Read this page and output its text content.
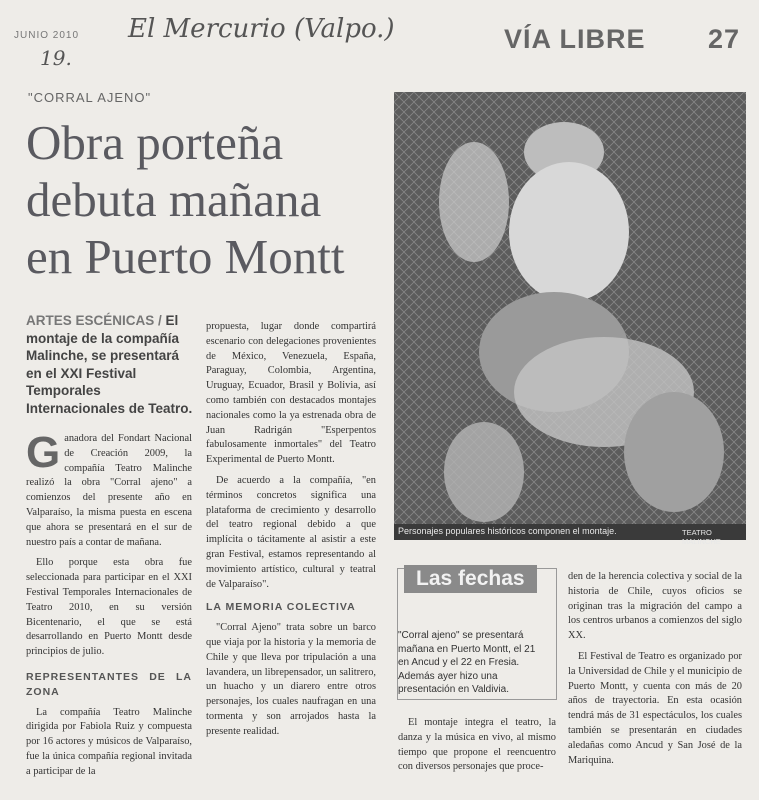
JUNIO 2010 El Mercurio (Valpo.)
19.
VÍA LIBRE 27
"CORRAL AJENO"
Obra porteña
debuta mañana
en Puerto Montt
ARTES ESCÉNICAS / El montaje de la compañía Malinche, se presentará en el XXI Festival Temporales Internacionales de Teatro.

Ganadora del Fondart Nacional de Creación 2009, la compañía Teatro Malinche realizó la obra "Corral ajeno" a comienzos del presente año en Valparaíso, la misma puesta en escena que ahora se presentará en el sur de nuestro país a contar de mañana.

Ello porque esta obra fue seleccionada para participar en el XXI Festival Temporales Internacionales de Teatro 2010, en su versión Bicentenario, el que se está desarrollando en Puerto Montt desde principios de julio.

REPRESENTANTES DE LA ZONA

La compañía Teatro Malinche dirigida por Fabiola Ruiz y compuesta por 16 actores y músicos de Valparaíso, fue la única compañía regional invitada a participar de la

propuesta, lugar donde compartirá escenario con delegaciones provenientes de México, Venezuela, España, Paraguay, Colombia, Argentina, Uruguay, Ecuador, Brasil y Bolivia, así como también con destacados montajes nacionales como la ya estrenada obra de Juan Radrigán "Esperpentos fabulosamente inmortales" del Teatro Experimental de Puerto Montt.

De acuerdo a la compañía, "en términos concretos significa una plataforma de crecimiento y desarrollo del teatro regional debido a que implícita o tácitamente al asistir a este gran Festival, estamos representando al movimiento artístico, cultural y teatral de Valparaíso".

LA MEMORIA COLECTIVA

"Corral Ajeno" trata sobre un barco que viaja por la historia y la memoria de Chile y que lleva por tripulación a una lavandera, un librepensador, un salitrero, un huacho y un diarero entre otros personajes, los cuales naufragan en una tormenta y son arrojados hasta la presente realidad.

Personajes populares históricos componen el montaje.	TEATRO MALINCHE
Las fechas
"Corral ajeno" se presentará mañana en Puerto Montt, el 21 en Ancud y el 22 en Fresia. Además ayer hizo una presentación en Valdivia.

El montaje integra el teatro, la danza y la música en vivo, al mismo tiempo que propone el reencuentro con diversos personajes que proce-

den de la herencia colectiva y social de la historia de Chile, cuyos oficios se originan tras la migración del campo a los centros urbanos a comienzos del siglo XX.

El Festival de Teatro es organizado por la Universidad de Chile y el municipio de Puerto Montt, y cuenta con más de 20 años de trayectoria. En esta ocasión tendrá más de 31 espectáculos, los cuales también se presentarán en ciudades aledañas como Ancud y San José de la Mariquina.
